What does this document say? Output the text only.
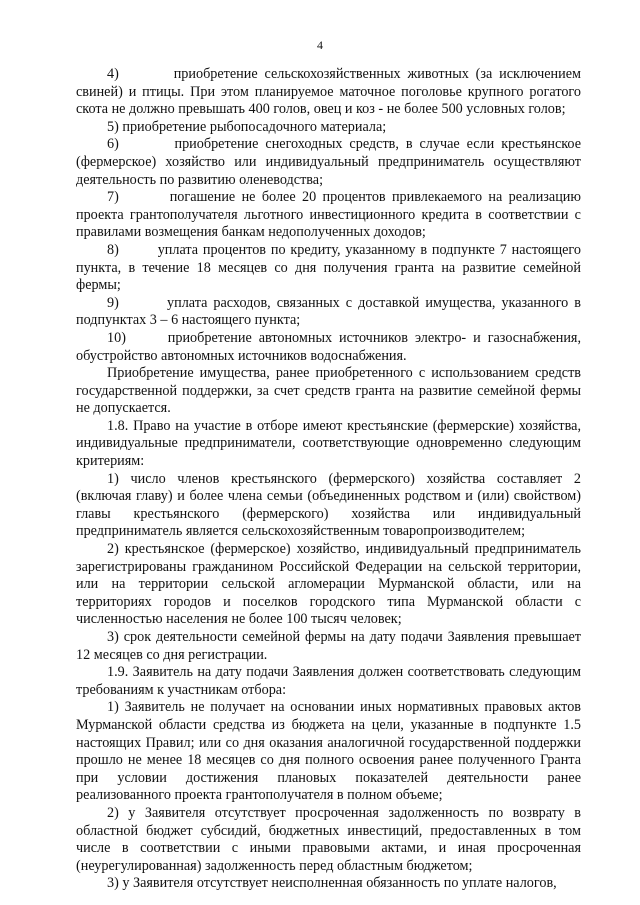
4

4)        приобретение сельскохозяйственных животных (за исключением свиней) и птицы. При этом планируемое маточное поголовье крупного рогатого скота не должно превышать 400 голов, овец и коз - не более 500 условных голов;

5) приобретение рыбопосадочного материала;

6)        приобретение снегоходных средств, в случае если крестьянское (фермерское) хозяйство или индивидуальный предприниматель осуществляют деятельность по развитию оленеводства;

7)        погашение не более 20 процентов привлекаемого на реализацию проекта грантополучателя льготного инвестиционного кредита в соответствии с правилами возмещения банкам недополученных доходов;

8)        уплата процентов по кредиту, указанному в подпункте 7 настоящего пункта, в течение 18 месяцев со дня получения гранта на развитие семейной фермы;

9)        уплата расходов, связанных с доставкой имущества, указанного в подпунктах 3 – 6 настоящего пункта;

10)      приобретение автономных источников электро- и газоснабжения, обустройство автономных источников водоснабжения.

Приобретение имущества, ранее приобретенного с использованием средств государственной поддержки, за счет средств гранта на развитие семейной фермы не допускается.

1.8. Право на участие в отборе имеют крестьянские (фермерские) хозяйства, индивидуальные предприниматели, соответствующие одновременно следующим критериям:

1) число членов крестьянского (фермерского) хозяйства составляет 2 (включая главу) и более члена семьи (объединенных родством и (или) свойством) главы крестьянского (фермерского) хозяйства или индивидуальный предприниматель является сельскохозяйственным товаропроизводителем;

2) крестьянское (фермерское) хозяйство, индивидуальный предприниматель зарегистрированы гражданином Российской Федерации на сельской территории, или на территории сельской агломерации Мурманской области, или на территориях городов и поселков городского типа Мурманской области с численностью населения не более 100 тысяч человек;

3) срок деятельности семейной фермы на дату подачи Заявления превышает 12 месяцев со дня регистрации.

1.9. Заявитель на дату подачи Заявления должен соответствовать следующим требованиям к участникам отбора:

1) Заявитель не получает на основании иных нормативных правовых актов Мурманской области средства из бюджета на цели, указанные в подпункте 1.5 настоящих Правил; или со дня оказания аналогичной государственной поддержки прошло не менее 18 месяцев со дня полного освоения ранее полученного Гранта при условии достижения плановых показателей деятельности ранее реализованного проекта грантополучателя в полном объеме;

2) у Заявителя отсутствует просроченная задолженность по возврату в областной бюджет субсидий, бюджетных инвестиций, предоставленных в том числе в соответствии с иными правовыми актами, и иная просроченная (неурегулированная) задолженность перед областным бюджетом;

3) у Заявителя отсутствует неисполненная обязанность по уплате налогов,
